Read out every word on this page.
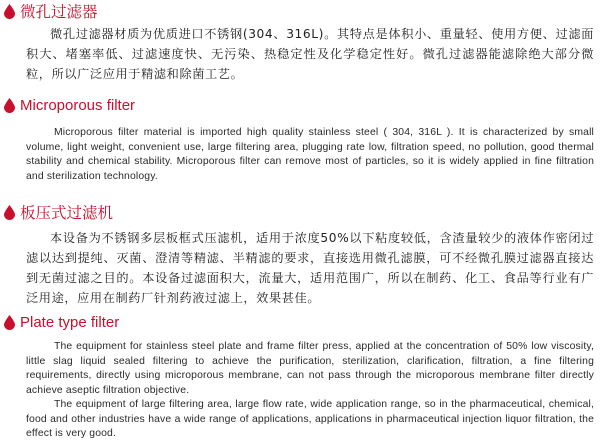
微孔过滤器

微孔过滤器材质为优质进口不锈钢(304、316L)。其特点是体积小、重量轻、使用方便、过滤面积大、堵塞率低、过滤速度快、无污染、热稳定性及化学稳定性好。微孔过滤器能滤除绝大部分微粒，所以广泛应用于精滤和除菌工艺。

Microporous filter

Microporous filter material is imported high quality stainless steel ( 304, 316L ). It is characterized by small volume, light weight, convenient use, large filtering area, plugging rate low, filtration speed, no pollution, good thermal stability and chemical stability. Microporous filter can remove most of particles, so it is widely applied in fine filtration and sterilization technology.

板压式过滤机

本设备为不锈钢多层板框式压滤机，适用于浓度50%以下粘度较低，含渣量较少的液体作密闭过滤以达到提纯、灭菌、澄清等精滤、半精滤的要求，直接选用微孔滤膜，可不经微孔膜过滤器直接达到无菌过滤之目的。本设备过滤面积大，流量大，适用范围广，所以在制药、化工、食品等行业有广泛用途，应用在制药厂针剂药液过滤上，效果甚佳。

Plate type filter

The equipment for stainless steel plate and frame filter press, applied at the concentration of 50% low viscosity, little slag liquid sealed filtering to achieve the purification, sterilization, clarification, filtration, a fine filtering requirements, directly using microporous membrane, can not pass through the microporous membrane filter directly achieve aseptic filtration objective.

The equipment of large filtering area, large flow rate, wide application range, so in the pharmaceutical, chemical, food and other industries have a wide range of applications, applications in pharmaceutical injection liquor filtration, the effect is very good.
